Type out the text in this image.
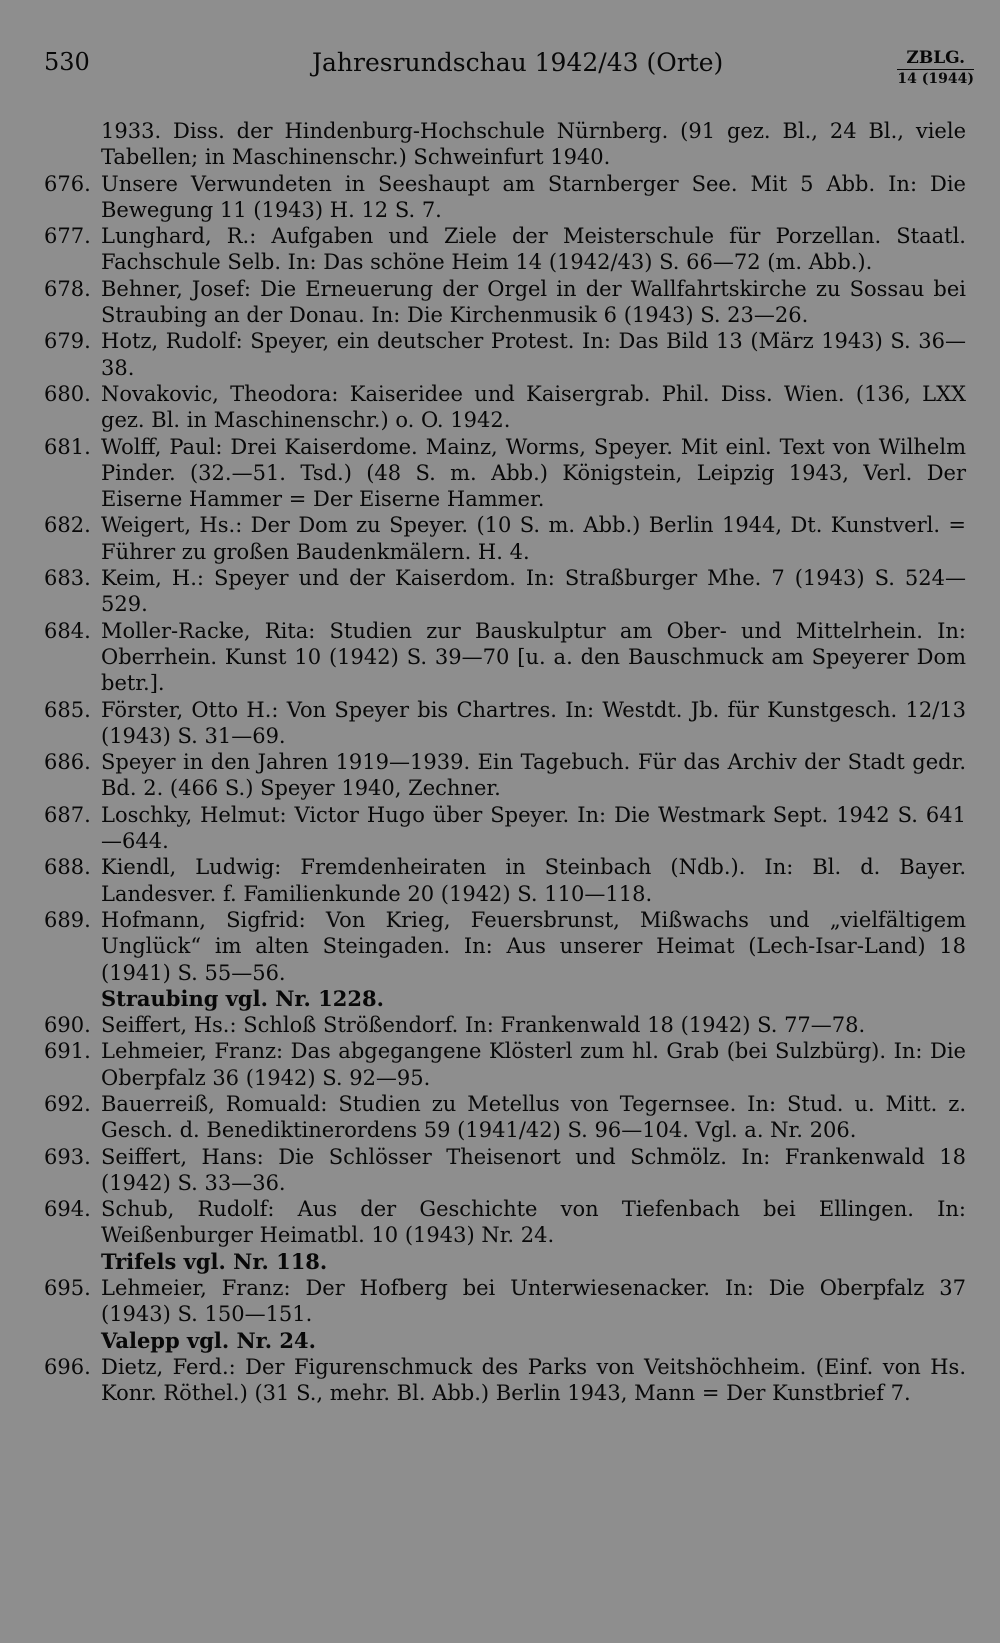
530	Jahresrundschau 1942/43 (Orte)	ZBLG.
14 (1944)
1933. Diss. der Hindenburg-Hochschule Nürnberg. (91 gez. Bl., 24 Bl., viele Tabellen; in Maschinenschr.) Schweinfurt 1940.
676. Unsere Verwundeten in Seeshaupt am Starnberger See. Mit 5 Abb. In: Die Bewegung 11 (1943) H. 12 S. 7.
677. Lunghard, R.: Aufgaben und Ziele der Meisterschule für Porzellan. Staatl. Fachschule Selb. In: Das schöne Heim 14 (1942/43) S. 66—72 (m. Abb.).
678. Behner, Josef: Die Erneuerung der Orgel in der Wallfahrtskirche zu Sossau bei Straubing an der Donau. In: Die Kirchenmusik 6 (1943) S. 23—26.
679. Hotz, Rudolf: Speyer, ein deutscher Protest. In: Das Bild 13 (März 1943) S. 36—38.
680. Novakovic, Theodora: Kaiseridee und Kaisergrab. Phil. Diss. Wien. (136, LXX gez. Bl. in Maschinenschr.) o. O. 1942.
681. Wolff, Paul: Drei Kaiserdome. Mainz, Worms, Speyer. Mit einl. Text von Wilhelm Pinder. (32.—51. Tsd.) (48 S. m. Abb.) Königstein, Leipzig 1943, Verl. Der Eiserne Hammer = Der Eiserne Hammer.
682. Weigert, Hs.: Der Dom zu Speyer. (10 S. m. Abb.) Berlin 1944, Dt. Kunstverl. = Führer zu großen Baudenkmälern. H. 4.
683. Keim, H.: Speyer und der Kaiserdom. In: Straßburger Mhe. 7 (1943) S. 524—529.
684. Moller-Racke, Rita: Studien zur Bauskulptur am Ober- und Mittelrhein. In: Oberrhein. Kunst 10 (1942) S. 39—70 [u. a. den Bauschmuck am Speyerer Dom betr.].
685. Förster, Otto H.: Von Speyer bis Chartres. In: Westdt. Jb. für Kunstgesch. 12/13 (1943) S. 31—69.
686. Speyer in den Jahren 1919—1939. Ein Tagebuch. Für das Archiv der Stadt gedr. Bd. 2. (466 S.) Speyer 1940, Zechner.
687. Loschky, Helmut: Victor Hugo über Speyer. In: Die Westmark Sept. 1942 S. 641—644.
688. Kiendl, Ludwig: Fremdenheiraten in Steinbach (Ndb.). In: Bl. d. Bayer. Landesver. f. Familienkunde 20 (1942) S. 110—118.
689. Hofmann, Sigfrid: Von Krieg, Feuersbrunst, Mißwachs und „vielfältigem Unglück“ im alten Steingaden. In: Aus unserer Heimat (Lech-Isar-Land) 18 (1941) S. 55—56.
Straubing vgl. Nr. 1228.
690. Seiffert, Hs.: Schloß Strößendorf. In: Frankenwald 18 (1942) S. 77—78.
691. Lehmeier, Franz: Das abgegangene Klösterl zum hl. Grab (bei Sulzbürg). In: Die Oberpfalz 36 (1942) S. 92—95.
692. Bauerreiß, Romuald: Studien zu Metellus von Tegernsee. In: Stud. u. Mitt. z. Gesch. d. Benediktinerordens 59 (1941/42) S. 96—104. Vgl. a. Nr. 206.
693. Seiffert, Hans: Die Schlösser Theisenort und Schmölz. In: Frankenwald 18 (1942) S. 33—36.
694. Schub, Rudolf: Aus der Geschichte von Tiefenbach bei Ellingen. In: Weißenburger Heimatbl. 10 (1943) Nr. 24.
Trifels vgl. Nr. 118.
695. Lehmeier, Franz: Der Hofberg bei Unterwiesenacker. In: Die Oberpfalz 37 (1943) S. 150—151.
Valepp vgl. Nr. 24.
696. Dietz, Ferd.: Der Figurenschmuck des Parks von Veitshöchheim. (Einf. von Hs. Konr. Röthel.) (31 S., mehr. Bl. Abb.) Berlin 1943, Mann = Der Kunstbrief 7.
